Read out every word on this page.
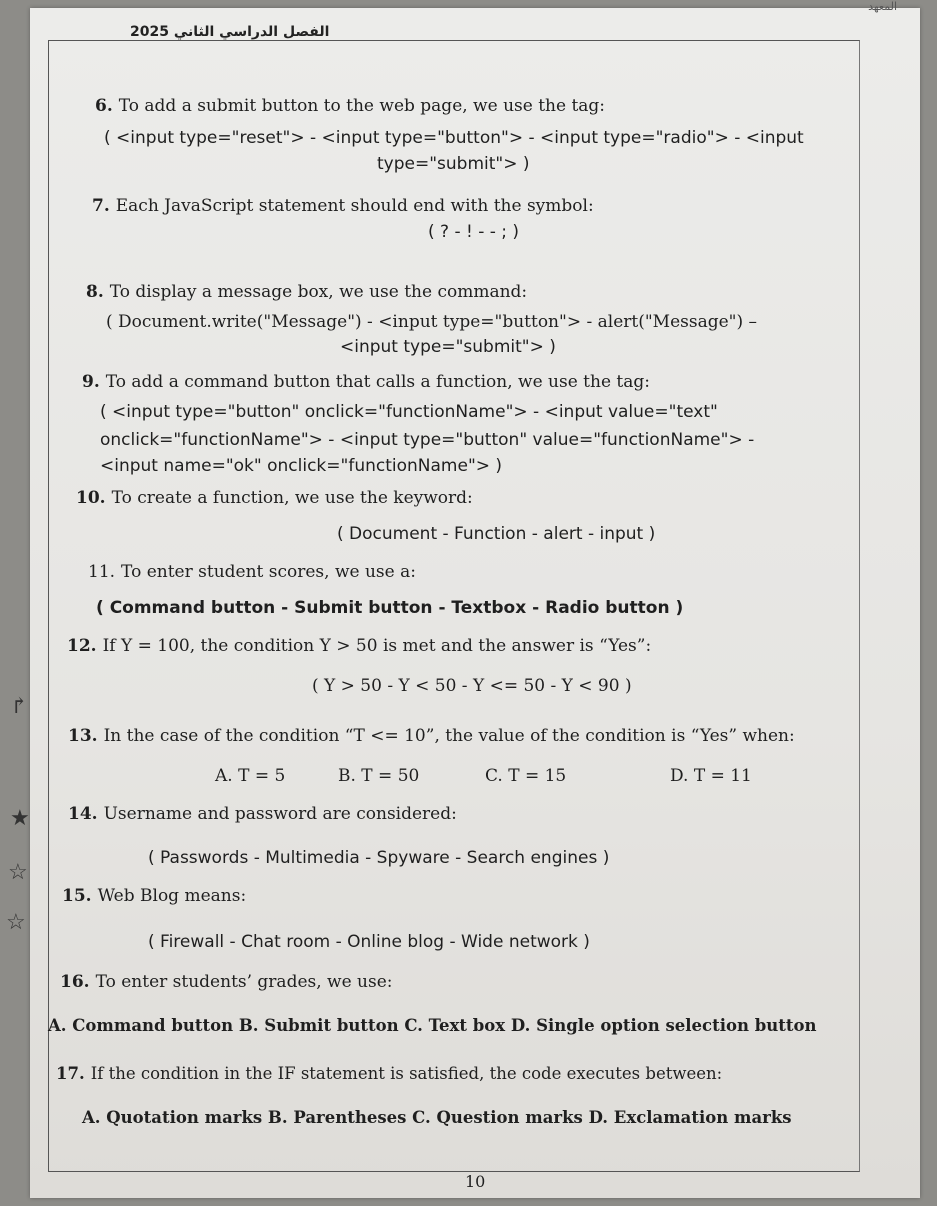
المعهد
2025 الفصل الدراسي الثاني
6. To add a submit button to the web page, we use the tag:
( <input type="reset"> - <input type="button"> - <input type="radio"> - <input
type="submit"> )
7. Each JavaScript statement should end with the symbol:
( ? - ! - - ; )
8. To display a message box, we use the command:
( Document.write("Message") - <input type="button"> - alert("Message") –
<input type="submit"> )
9. To add a command button that calls a function, we use the tag:
( <input type="button" onclick="functionName"> - <input value="text"
onclick="functionName"> - <input type="button" value="functionName"> -
<input name="ok" onclick="functionName"> )
10. To create a function, we use the keyword:
( Document - Function - alert - input )
11. To enter student scores, we use a:
( Command button - Submit button - Textbox - Radio button )
12. If Y = 100, the condition Y > 50 is met and the answer is “Yes”:
( Y > 50 - Y < 50 - Y <= 50 - Y < 90 )
13. In the case of the condition “T <= 10”, the value of the condition is “Yes” when:
A. T = 5	B. T = 50	C. T = 15	D. T = 11
14. Username and password are considered:
( Passwords - Multimedia - Spyware - Search engines )
15. Web Blog means:
( Firewall - Chat room - Online blog - Wide network )
16. To enter students’ grades, we use:
A. Command button B. Submit button C. Text box D. Single option selection button
17. If the condition in the IF statement is satisfied, the code executes between:
A. Quotation marks B. Parentheses C. Question marks D. Exclamation marks
10
↱
★
☆
☆
